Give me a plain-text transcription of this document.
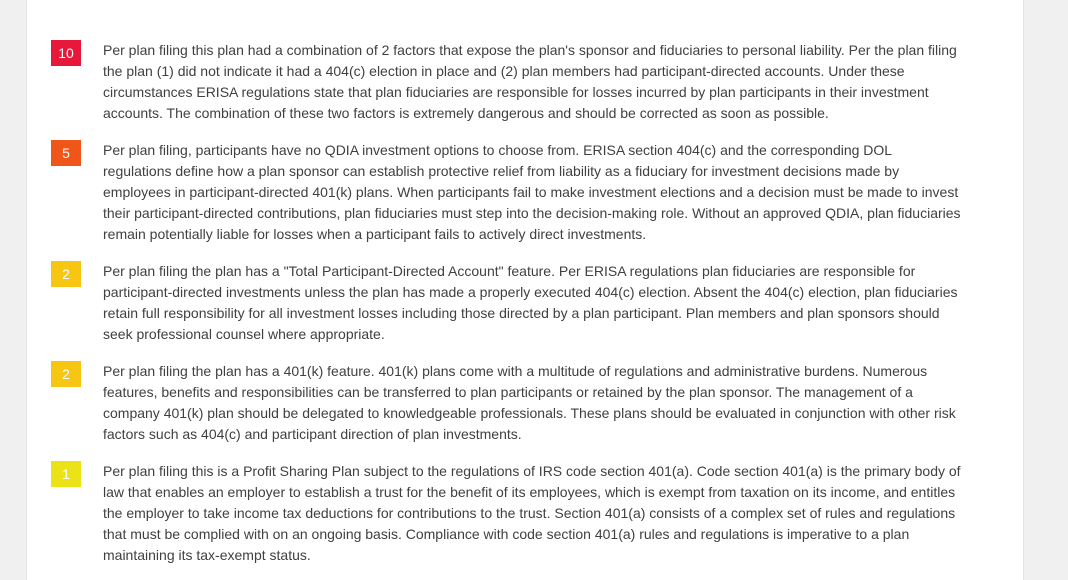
10	Per plan filing this plan had a combination of 2 factors that expose the plan's sponsor and fiduciaries to personal liability. Per the plan filing the plan (1) did not indicate it had a 404(c) election in place and (2) plan members had participant-directed accounts. Under these circumstances ERISA regulations state that plan fiduciaries are responsible for losses incurred by plan participants in their investment accounts. The combination of these two factors is extremely dangerous and should be corrected as soon as possible.
5	Per plan filing, participants have no QDIA investment options to choose from. ERISA section 404(c) and the corresponding DOL regulations define how a plan sponsor can establish protective relief from liability as a fiduciary for investment decisions made by employees in participant-directed 401(k) plans. When participants fail to make investment elections and a decision must be made to invest their participant-directed contributions, plan fiduciaries must step into the decision-making role. Without an approved QDIA, plan fiduciaries remain potentially liable for losses when a participant fails to actively direct investments.
2	Per plan filing the plan has a "Total Participant-Directed Account" feature. Per ERISA regulations plan fiduciaries are responsible for participant-directed investments unless the plan has made a properly executed 404(c) election. Absent the 404(c) election, plan fiduciaries retain full responsibility for all investment losses including those directed by a plan participant. Plan members and plan sponsors should seek professional counsel where appropriate.
2	Per plan filing the plan has a 401(k) feature. 401(k) plans come with a multitude of regulations and administrative burdens. Numerous features, benefits and responsibilities can be transferred to plan participants or retained by the plan sponsor. The management of a company 401(k) plan should be delegated to knowledgeable professionals. These plans should be evaluated in conjunction with other risk factors such as 404(c) and participant direction of plan investments.
1	Per plan filing this is a Profit Sharing Plan subject to the regulations of IRS code section 401(a). Code section 401(a) is the primary body of law that enables an employer to establish a trust for the benefit of its employees, which is exempt from taxation on its income, and entitles the employer to take income tax deductions for contributions to the trust. Section 401(a) consists of a complex set of rules and regulations that must be complied with on an ongoing basis. Compliance with code section 401(a) rules and regulations is imperative to a plan maintaining its tax-exempt status.
